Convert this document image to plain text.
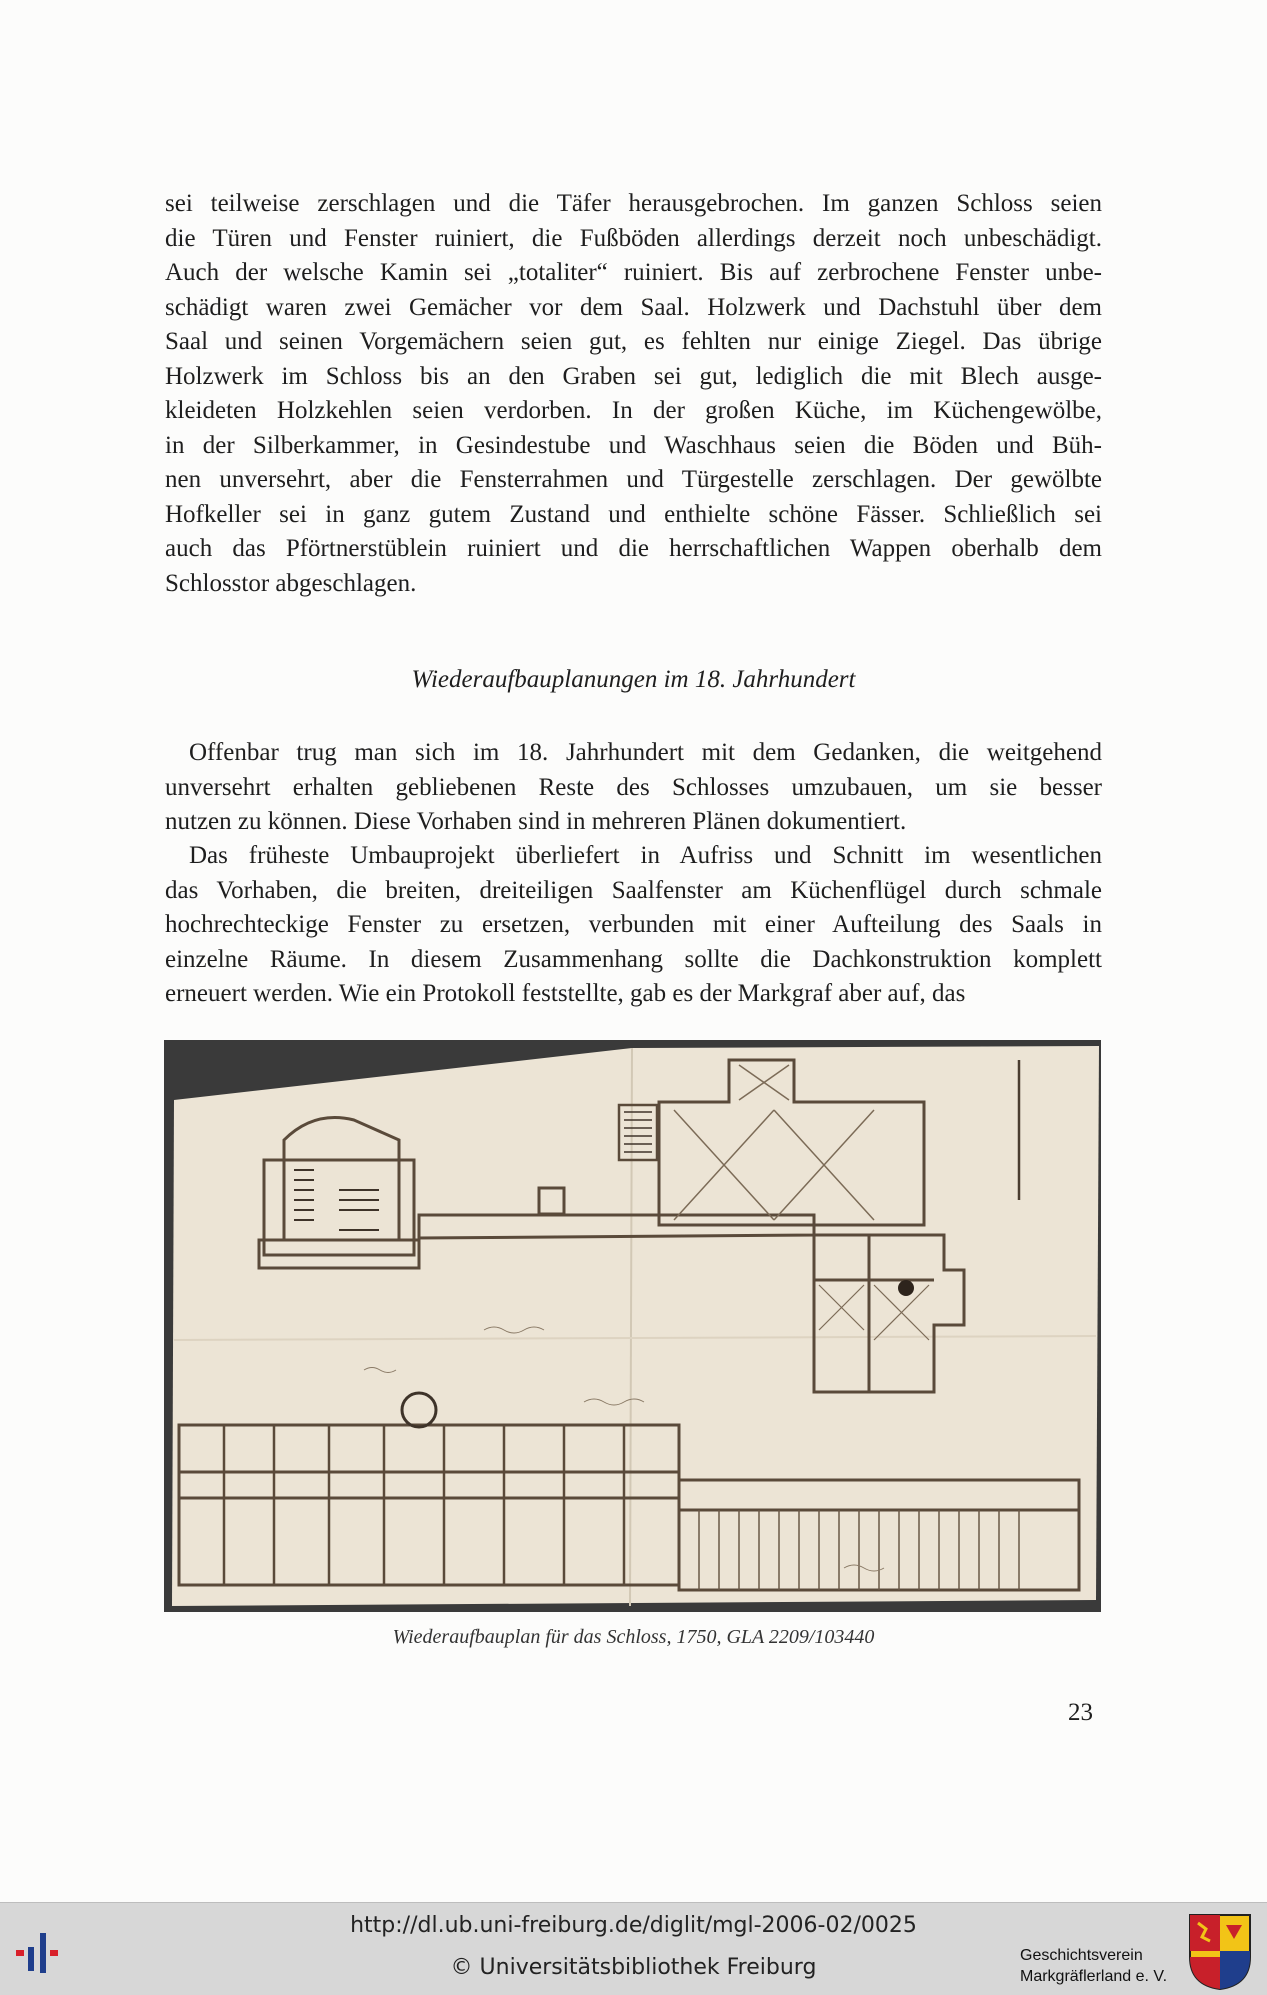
sei teilweise zerschlagen und die Täfer herausgebrochen. Im ganzen Schloss seien
die Türen und Fenster ruiniert, die Fußböden allerdings derzeit noch unbeschädigt.
Auch der welsche Kamin sei „totaliter“ ruiniert. Bis auf zerbrochene Fenster unbe-
schädigt waren zwei Gemächer vor dem Saal. Holzwerk und Dachstuhl über dem
Saal und seinen Vorgemächern seien gut, es fehlten nur einige Ziegel. Das übrige
Holzwerk im Schloss bis an den Graben sei gut, lediglich die mit Blech ausge-
kleideten Holzkehlen seien verdorben. In der großen Küche, im Küchengewölbe,
in der Silberkammer, in Gesindestube und Waschhaus seien die Böden und Büh-
nen unversehrt, aber die Fensterrahmen und Türgestelle zerschlagen. Der gewölbte
Hofkeller sei in ganz gutem Zustand und enthielte schöne Fässer. Schließlich sei
auch das Pförtnerstüblein ruiniert und die herrschaftlichen Wappen oberhalb dem
Schlosstor abgeschlagen.
Wiederaufbauplanungen im 18. Jahrhundert
Offenbar trug man sich im 18. Jahrhundert mit dem Gedanken, die weitgehend
unversehrt erhalten gebliebenen Reste des Schlosses umzubauen, um sie besser
nutzen zu können. Diese Vorhaben sind in mehreren Plänen dokumentiert.
Das früheste Umbauprojekt überliefert in Aufriss und Schnitt im wesentlichen
das Vorhaben, die breiten, dreiteiligen Saalfenster am Küchenflügel durch schmale
hochrechteckige Fenster zu ersetzen, verbunden mit einer Aufteilung des Saals in
einzelne Räume. In diesem Zusammenhang sollte die Dachkonstruktion komplett
erneuert werden. Wie ein Protokoll feststellte, gab es der Markgraf aber auf, das
Wiederaufbauplan für das Schloss, 1750, GLA 2209/103440
23
http://dl.ub.uni-freiburg.de/diglit/mgl-2006-02/0025
© Universitätsbibliothek Freiburg	Geschichtsverein
Markgräflerland e. V.
